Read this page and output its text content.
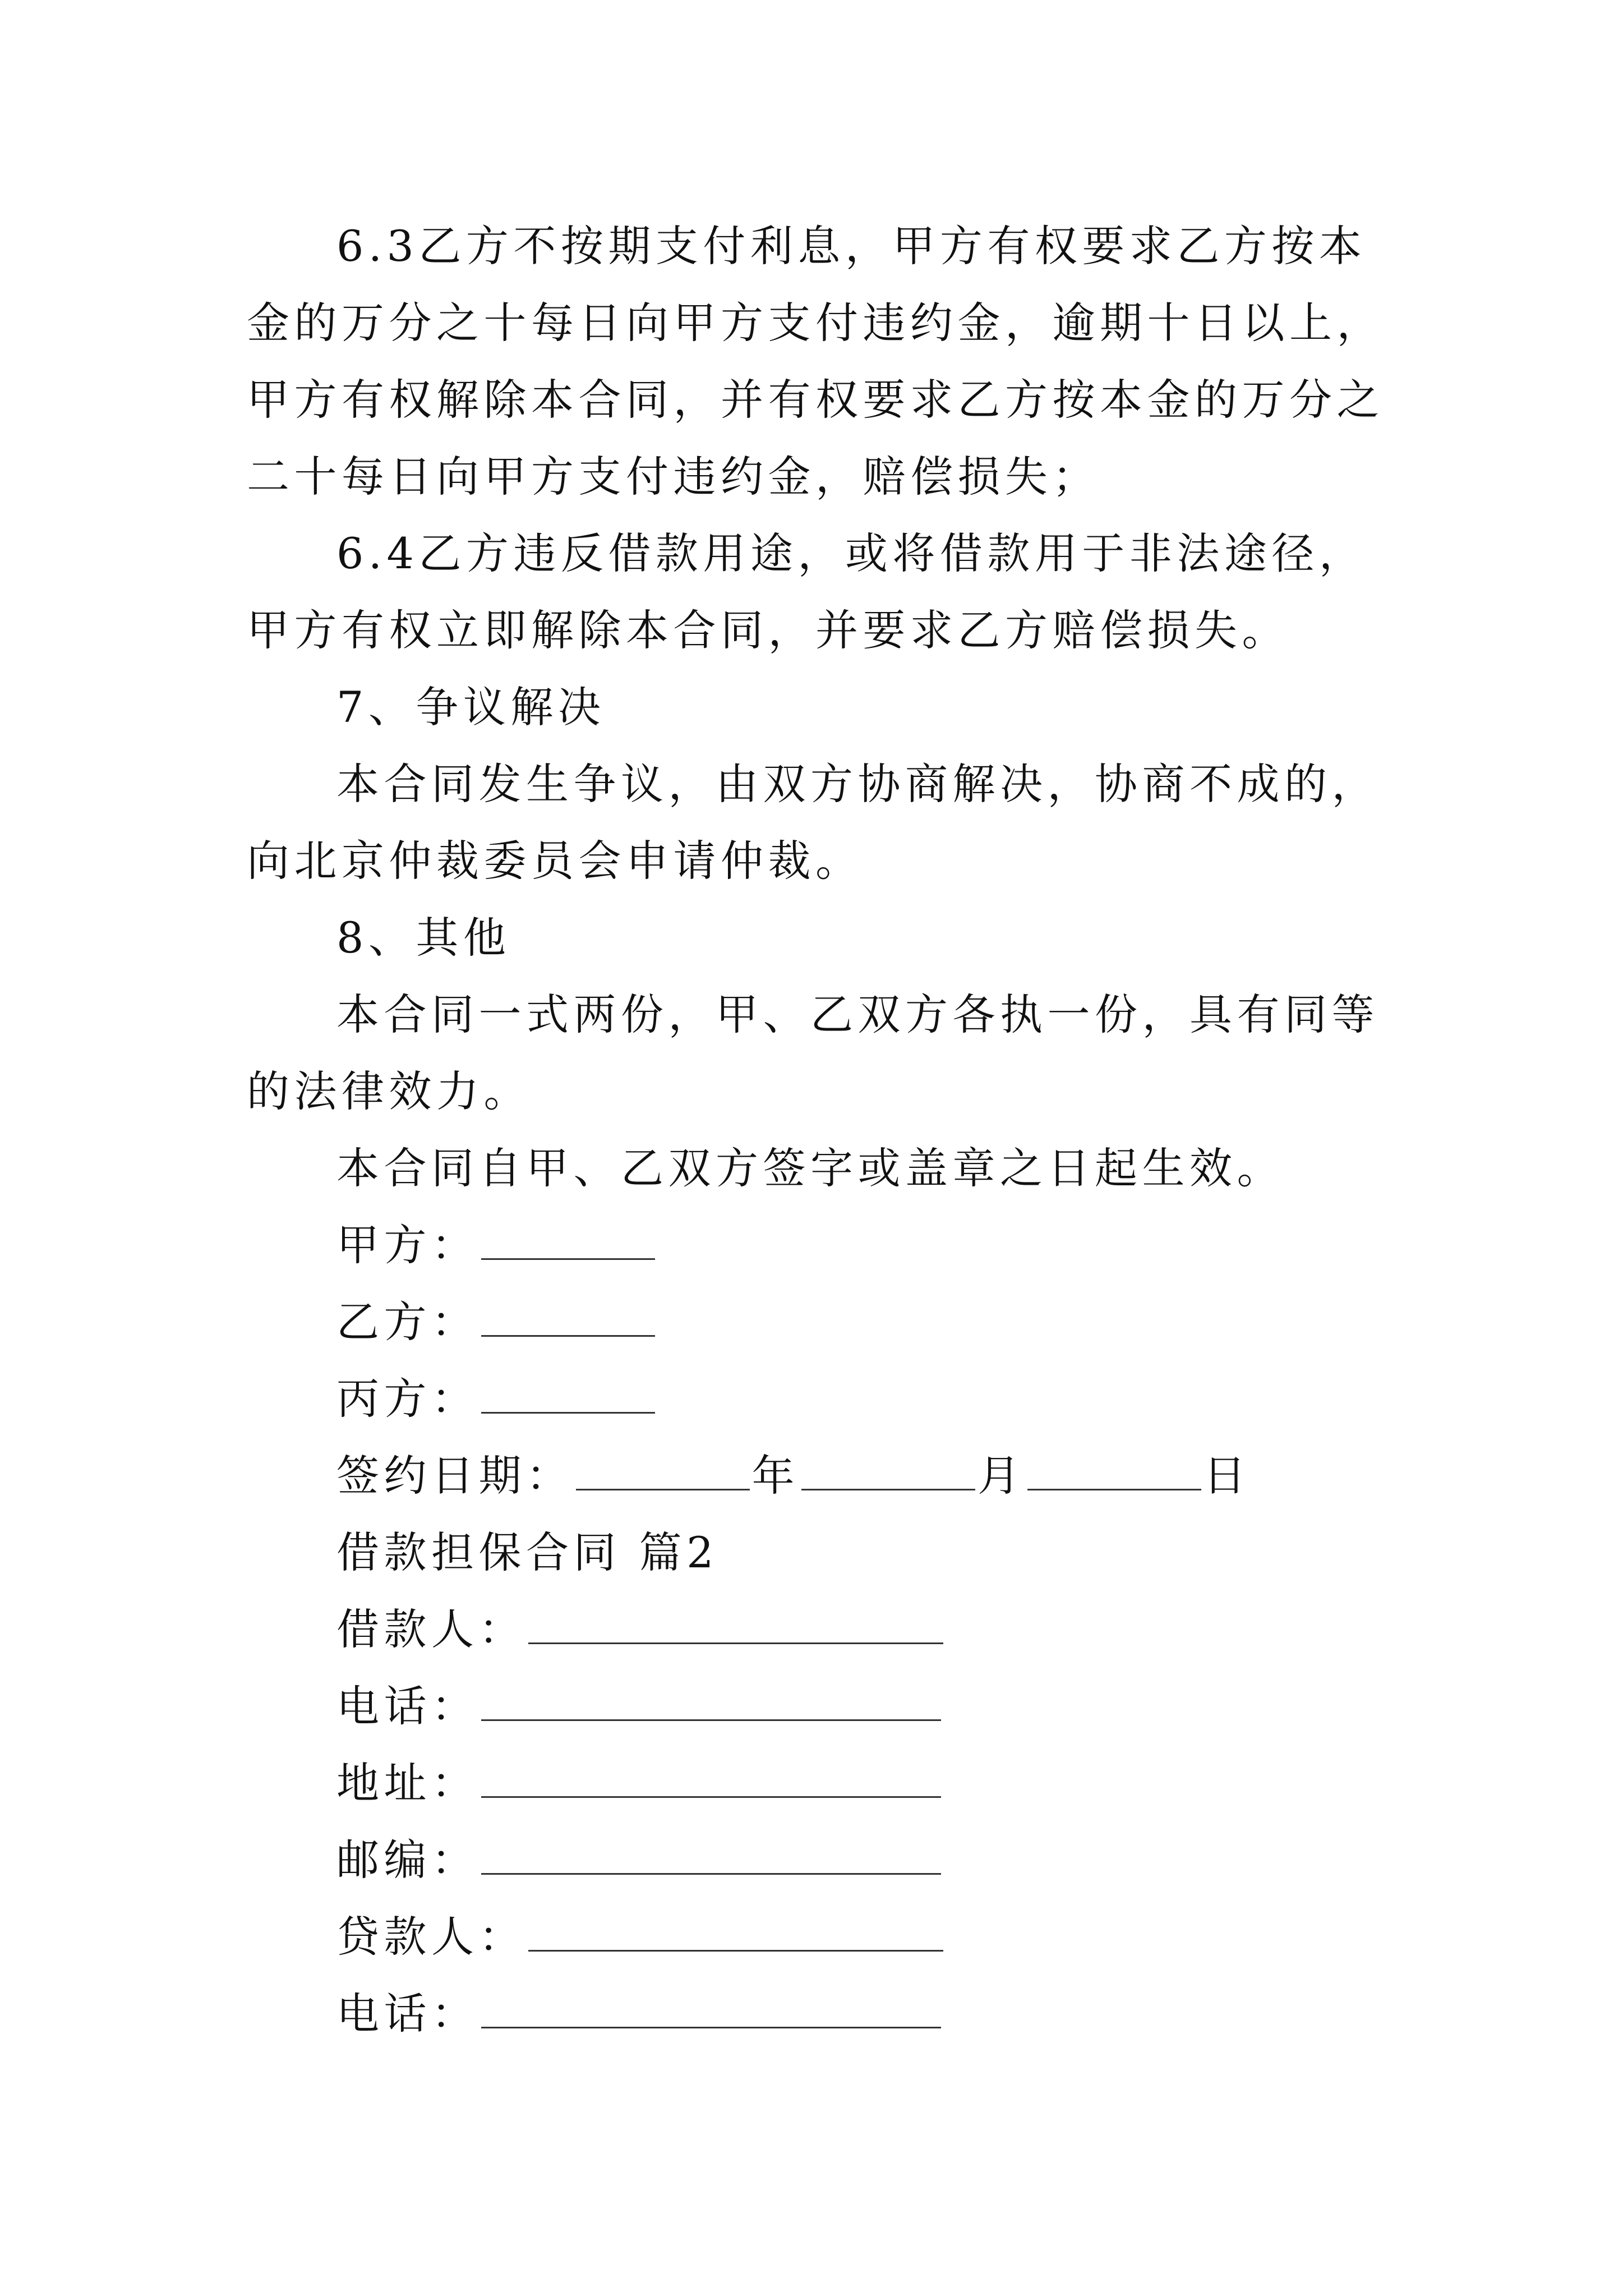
6.3乙方不按期支付利息，甲方有权要求乙方按本金的万分之十每日向甲方支付违约金，逾期十日以上，甲方有权解除本合同，并有权要求乙方按本金的万分之二十每日向甲方支付违约金，赔偿损失；

6.4乙方违反借款用途，或将借款用于非法途径，甲方有权立即解除本合同，并要求乙方赔偿损失。

7、争议解决

本合同发生争议，由双方协商解决，协商不成的，向北京仲裁委员会申请仲裁。

8、其他

本合同一式两份，甲、乙双方各执一份，具有同等的法律效力。

本合同自甲、乙双方签字或盖章之日起生效。

甲方：
乙方：
丙方：
签约日期：	年	月	日
借款担保合同 篇2
借款人：
电话：
地址：
邮编：
贷款人：
电话：
